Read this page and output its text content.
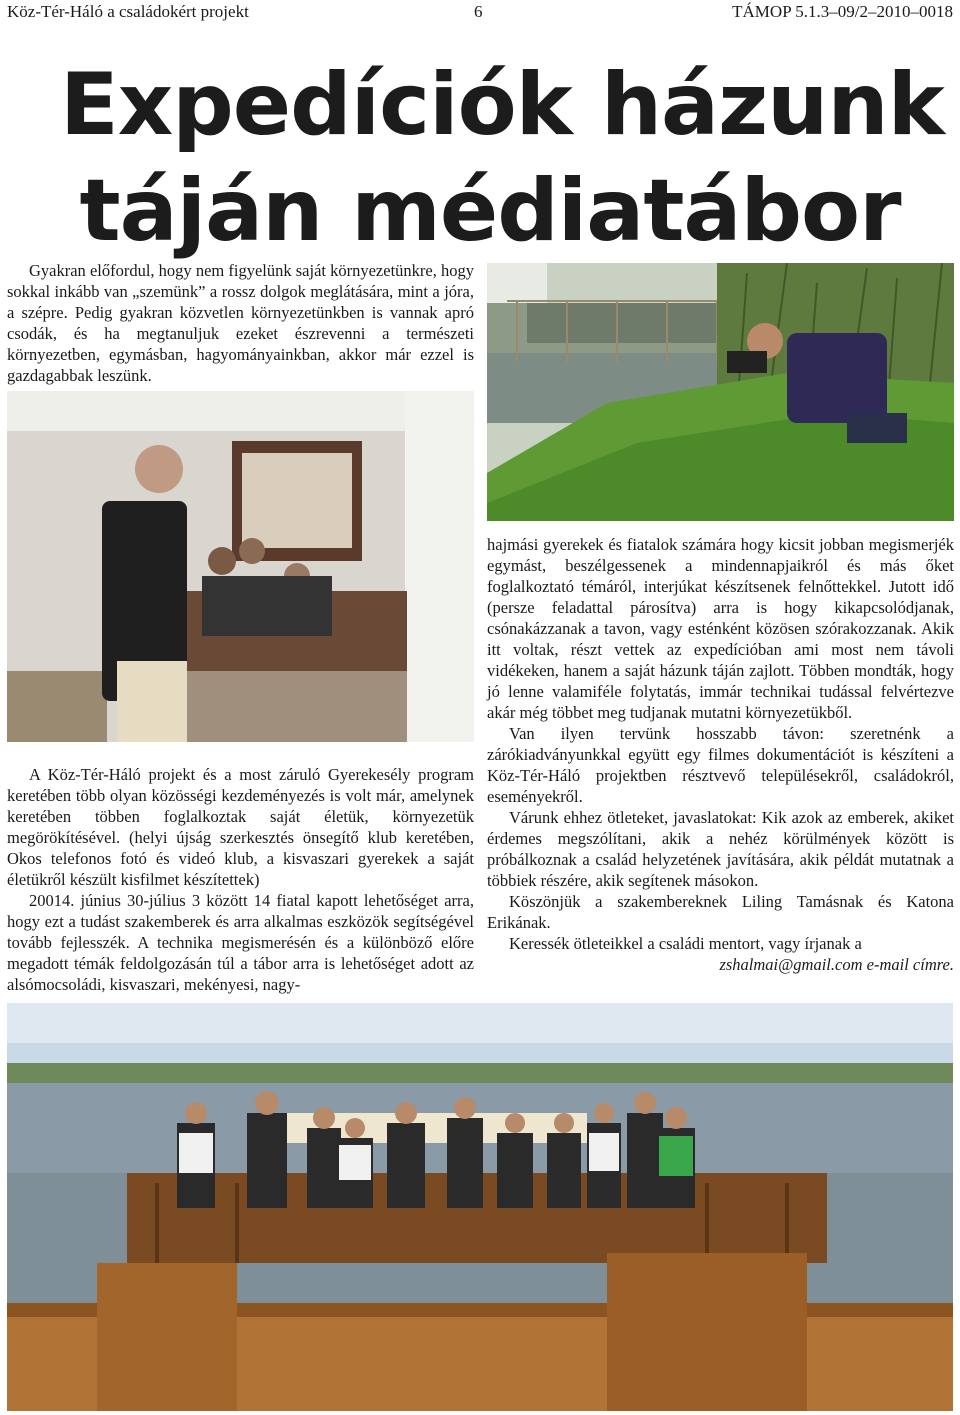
Köz-Tér-Háló a családokért projekt	6	TÁMOP 5.1.3–09/2–2010–0018
Expedíciók házunk
táján médiatábor

Gyakran előfordul, hogy nem figyelünk saját környezetünkre, hogy sokkal inkább van „szemünk” a rossz dolgok meglátására, mint a jóra, a szépre. Pedig gyakran közvetlen környezetünkben is vannak apró csodák, és ha megtanuljuk ezeket észrevenni a természeti környezetben, egymásban, hagyományainkban, akkor már ezzel is gazdagabbak leszünk.

A Köz-Tér-Háló projekt és a most záruló Gyerekesély program keretében több olyan közösségi kezdeményezés is volt már, amelynek keretében többen foglalkoztak saját életük, környezetük megörökítésével. (helyi újság szerkesztés önsegítő klub keretében, Okos telefonos fotó és videó klub, a kisvaszari gyerekek a saját életükről készült kisfilmet készítettek)

20014. június 30-július 3 között 14 fiatal kapott lehetőséget arra, hogy ezt a tudást szakemberek és arra alkalmas eszközök segítségével tovább fejlesszék. A technika megismerésén és a különböző előre megadott témák feldolgozásán túl a tábor arra is lehetőséget adott az alsómocsoládi, kisvaszari, mekényesi, nagy-

hajmási gyerekek és fiatalok számára hogy kicsit jobban megismerjék egymást, beszélgessenek a mindennapjaikról és más őket foglalkoztató témáról, interjúkat készítsenek felnőttekkel. Jutott idő (persze feladattal párosítva) arra is hogy kikapcsolódjanak, csónakázzanak a tavon, vagy esténként közösen szórakozzanak. Akik itt voltak, részt vettek az expedícióban ami most nem távoli vidékeken, hanem a saját házunk táján zajlott. Többen mondták, hogy jó lenne valamiféle folytatás, immár technikai tudással felvértezve akár még többet meg tudjanak mutatni környezetükből.

Van ilyen tervünk hosszabb távon: szeretnénk a zárókiadványunkkal együtt egy filmes dokumentációt is készíteni a Köz-Tér-Háló projektben résztvevő településekről, családokról, eseményekről.

Várunk ehhez ötleteket, javaslatokat: Kik azok az emberek, akiket érdemes megszólítani, akik a nehéz körülmények között is próbálkoznak a család helyzetének javítására, akik példát mutatnak a többiek részére, akik segítenek másokon.

Köszönjük a szakembereknek Liling Tamásnak és Katona Erikának.

Keressék ötleteikkel a családi mentort, vagy írjanak a

zshalmai@gmail.com e-mail címre.
